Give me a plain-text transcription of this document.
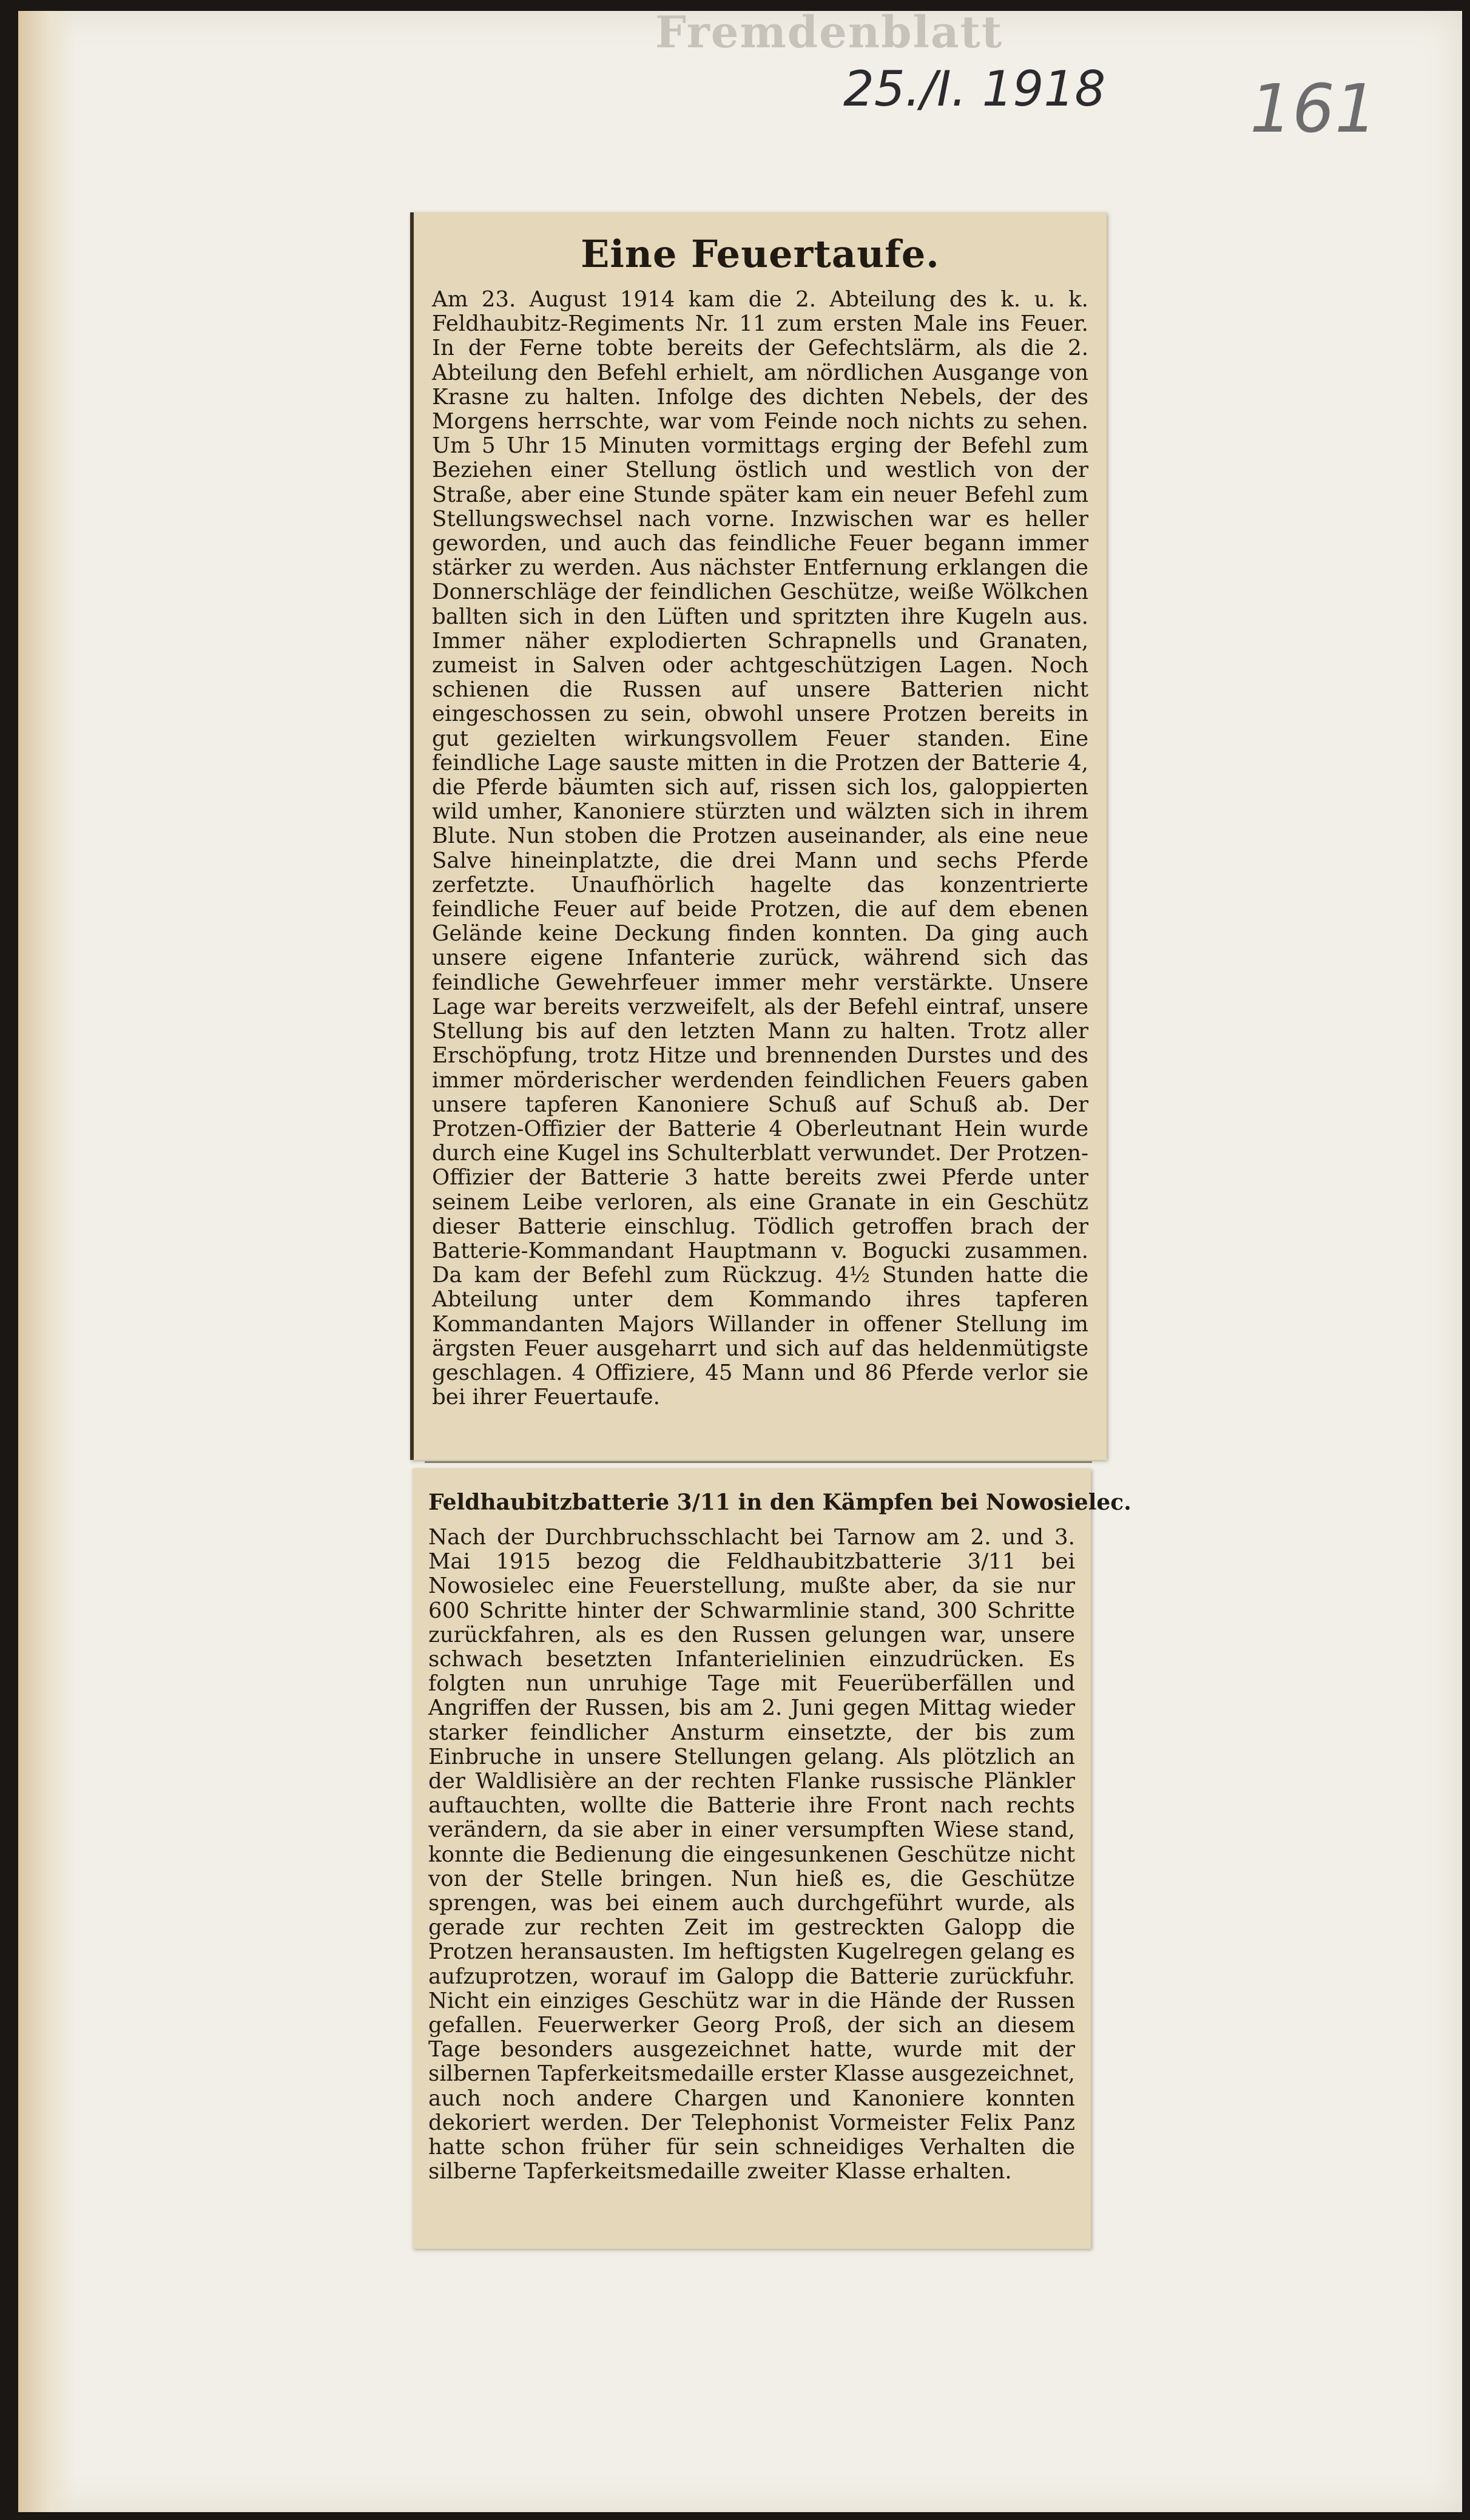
Fremdenblatt
25./I. 1918 161
Eine Feuertaufe.

Am 23. August 1914 kam die 2. Abteilung des k. u. k. Feldhaubitz-Regiments Nr. 11 zum ersten Male ins Feuer. In der Ferne tobte bereits der Gefechtslärm, als die 2. Abteilung den Befehl erhielt, am nördlichen Ausgange von Krasne zu halten. Infolge des dichten Nebels, der des Morgens herrschte, war vom Feinde noch nichts zu sehen. Um 5 Uhr 15 Minuten vormittags erging der Befehl zum Beziehen einer Stellung östlich und westlich von der Straße, aber eine Stunde später kam ein neuer Befehl zum Stellungswechsel nach vorne. Inzwischen war es heller geworden, und auch das feindliche Feuer begann immer stärker zu werden. Aus nächster Entfernung erklangen die Donnerschläge der feindlichen Geschütze, weiße Wölkchen ballten sich in den Lüften und spritzten ihre Kugeln aus. Immer näher explodierten Schrapnells und Granaten, zumeist in Salven oder achtgeschützigen Lagen. Noch schienen die Russen auf unsere Batterien nicht eingeschossen zu sein, obwohl unsere Protzen bereits in gut gezielten wirkungsvollem Feuer standen. Eine feindliche Lage sauste mitten in die Protzen der Batterie 4, die Pferde bäumten sich auf, rissen sich los, galoppierten wild umher, Kanoniere stürzten und wälzten sich in ihrem Blute. Nun stoben die Protzen auseinander, als eine neue Salve hineinplatzte, die drei Mann und sechs Pferde zerfetzte. Unaufhörlich hagelte das konzentrierte feindliche Feuer auf beide Protzen, die auf dem ebenen Gelände keine Deckung finden konnten. Da ging auch unsere eigene Infanterie zurück, während sich das feindliche Gewehrfeuer immer mehr verstärkte. Unsere Lage war bereits verzweifelt, als der Befehl eintraf, unsere Stellung bis auf den letzten Mann zu halten. Trotz aller Erschöpfung, trotz Hitze und brennenden Durstes und des immer mörderischer werdenden feindlichen Feuers gaben unsere tapferen Kanoniere Schuß auf Schuß ab. Der Protzen-Offizier der Batterie 4 Oberleutnant Hein wurde durch eine Kugel ins Schulterblatt verwundet. Der Protzen-Offizier der Batterie 3 hatte bereits zwei Pferde unter seinem Leibe verloren, als eine Granate in ein Geschütz dieser Batterie einschlug. Tödlich getroffen brach der Batterie-Kommandant Hauptmann v. Bogucki zusammen. Da kam der Befehl zum Rückzug. 4½ Stunden hatte die Abteilung unter dem Kommando ihres tapferen Kommandanten Majors Willander in offener Stellung im ärgsten Feuer ausgeharrt und sich auf das heldenmütigste geschlagen. 4 Offiziere, 45 Mann und 86 Pferde verlor sie bei ihrer Feuertaufe.

Feldhaubitzbatterie 3/11 in den Kämpfen bei Nowosielec.

Nach der Durchbruchsschlacht bei Tarnow am 2. und 3. Mai 1915 bezog die Feldhaubitzbatterie 3/11 bei Nowosielec eine Feuerstellung, mußte aber, da sie nur 600 Schritte hinter der Schwarmlinie stand, 300 Schritte zurückfahren, als es den Russen gelungen war, unsere schwach besetzten Infanterielinien einzudrücken. Es folgten nun unruhige Tage mit Feuerüberfällen und Angriffen der Russen, bis am 2. Juni gegen Mittag wieder starker feindlicher Ansturm einsetzte, der bis zum Einbruche in unsere Stellungen gelang. Als plötzlich an der Waldlisière an der rechten Flanke russische Plänkler auftauchten, wollte die Batterie ihre Front nach rechts verändern, da sie aber in einer versumpften Wiese stand, konnte die Bedienung die eingesunkenen Geschütze nicht von der Stelle bringen. Nun hieß es, die Geschütze sprengen, was bei einem auch durchgeführt wurde, als gerade zur rechten Zeit im gestreckten Galopp die Protzen heransausten. Im heftigsten Kugelregen gelang es aufzuprotzen, worauf im Galopp die Batterie zurückfuhr. Nicht ein einziges Geschütz war in die Hände der Russen gefallen. Feuerwerker Georg Proß, der sich an diesem Tage besonders ausgezeichnet hatte, wurde mit der silbernen Tapferkeitsmedaille erster Klasse ausgezeichnet, auch noch andere Chargen und Kanoniere konnten dekoriert werden. Der Telephonist Vormeister Felix Panz hatte schon früher für sein schneidiges Verhalten die silberne Tapferkeitsmedaille zweiter Klasse erhalten.
